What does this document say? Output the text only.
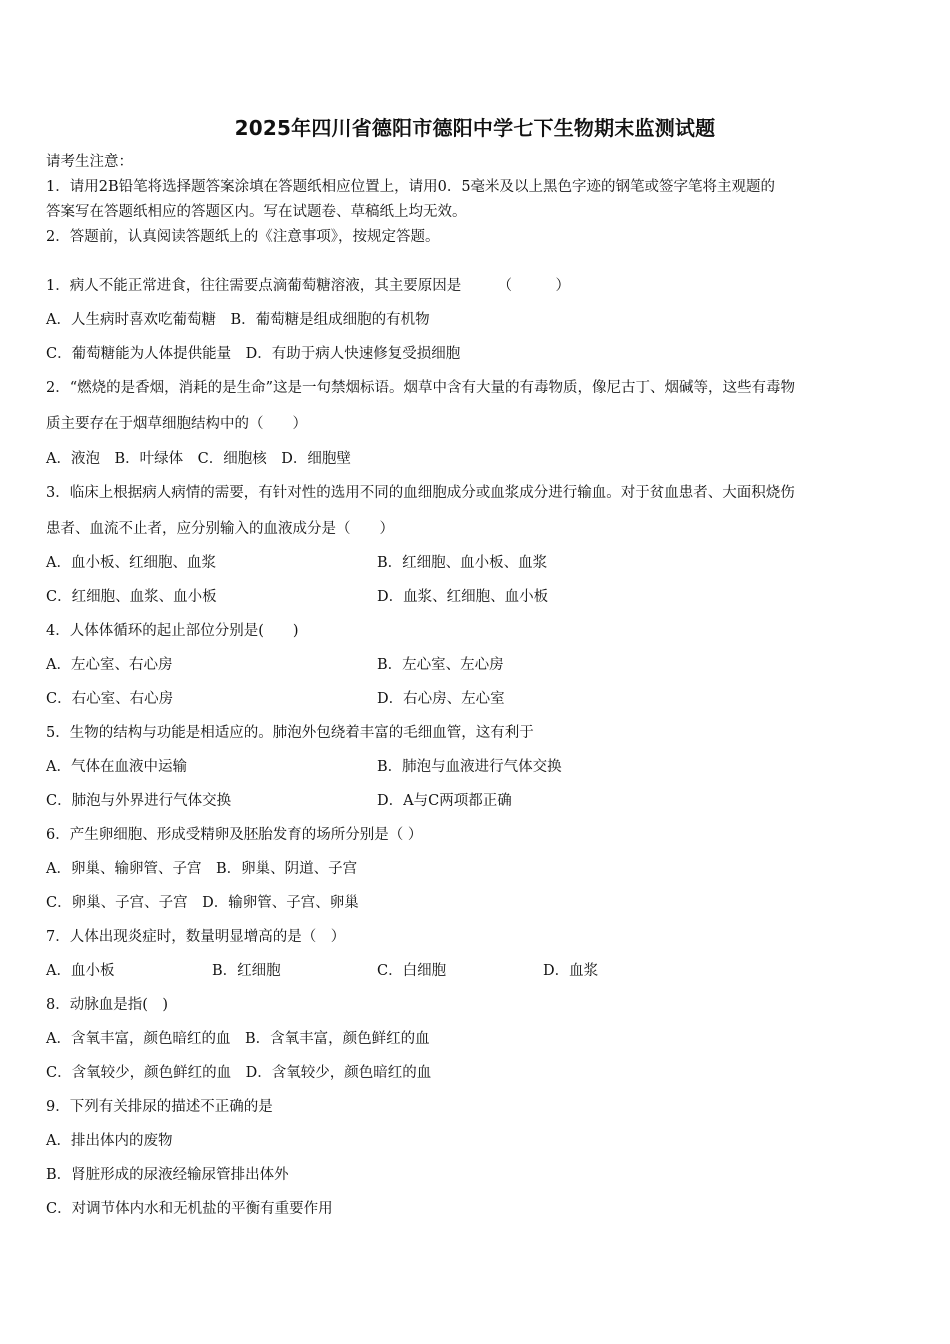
2025年四川省德阳市德阳中学七下生物期末监测试题
请考生注意：
1．请用2B铅笔将选择题答案涂填在答题纸相应位置上，请用0．5毫米及以上黑色字迹的钢笔或签字笔将主观题的
答案写在答题纸相应的答题区内。写在试题卷、草稿纸上均无效。
2．答题前，认真阅读答题纸上的《注意事项》，按规定答题。
1．病人不能正常进食，往往需要点滴葡萄糖溶液，其主要原因是　　　（　　　）
A．人生病时喜欢吃葡萄糖　B．葡萄糖是组成细胞的有机物
C．葡萄糖能为人体提供能量　D．有助于病人快速修复受损细胞
2．“燃烧的是香烟，消耗的是生命”这是一句禁烟标语。烟草中含有大量的有毒物质，像尼古丁、烟碱等，这些有毒物
质主要存在于烟草细胞结构中的（　　）
A．液泡　B．叶绿体　C．细胞核　D．细胞壁
3．临床上根据病人病情的需要，有针对性的选用不同的血细胞成分或血浆成分进行输血。对于贫血患者、大面积烧伤
患者、血流不止者，应分别输入的血液成分是（　　）
A．血小板、红细胞、血浆	B．红细胞、血小板、血浆
C．红细胞、血浆、血小板	D．血浆、红细胞、血小板
4．人体体循环的起止部位分别是(　　)
A．左心室、右心房	B．左心室、左心房
C．右心室、右心房	D．右心房、左心室
5．生物的结构与功能是相适应的。肺泡外包绕着丰富的毛细血管，这有利于
A．气体在血液中运输	B．肺泡与血液进行气体交换
C．肺泡与外界进行气体交换	D．A与C两项都正确
6．产生卵细胞、形成受精卵及胚胎发育的场所分别是（ ）
A．卵巢、输卵管、子宫　B．卵巢、阴道、子宫
C．卵巢、子宫、子宫　D．输卵管、子宫、卵巢
7．人体出现炎症时，数量明显增高的是（　）
A．血小板	B．红细胞	C．白细胞	D．血浆
8．动脉血是指(　)
A．含氧丰富，颜色暗红的血　B．含氧丰富，颜色鲜红的血
C．含氧较少，颜色鲜红的血　D．含氧较少，颜色暗红的血
9．下列有关排尿的描述不正确的是
A．排出体内的废物
B．肾脏形成的尿液经输尿管排出体外
C．对调节体内水和无机盐的平衡有重要作用
